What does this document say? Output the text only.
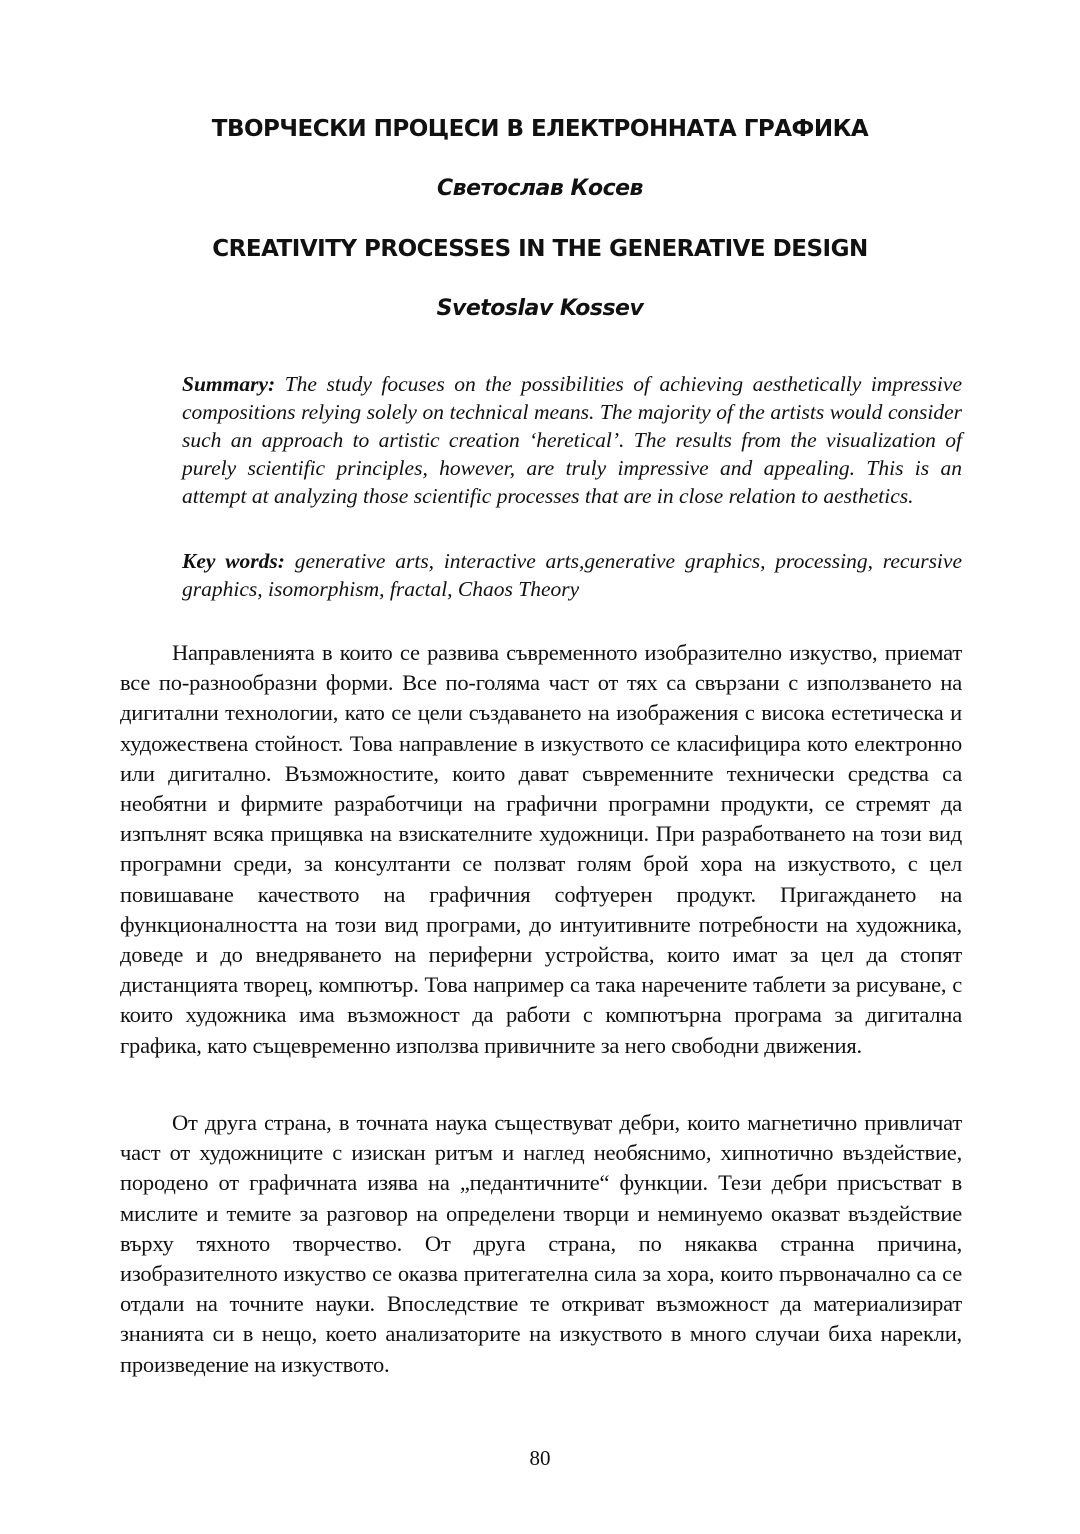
ТВОРЧЕСКИ ПРОЦЕСИ В ЕЛЕКТРОННАТА ГРАФИКА
Светослав Косев
CREATIVITY PROCESSES IN THE GENERATIVE DESIGN
Svetoslav Kossev

Summary: The study focuses on the possibilities of achieving aesthetically impressive compositions relying solely on technical means. The majority of the artists would consider such an approach to artistic creation ‘heretical’. The results from the visualization of purely scientific principles, however, are truly impressive and appealing. This is an attempt at analyzing those scientific processes that are in close relation to aesthetics.

Key words: generative arts, interactive arts,generative graphics, processing, recursive graphics, isomorphism, fractal, Chaos Theory

Направленията в които се развива съвременното изобразително изкуство, приемат все по-разнообразни форми. Все по-голяма част от тях са свързани с използването на дигитални технологии, като се цели създаването на изображения с висока естетическа и художествена стойност. Това направление в изкуството се класифицира кото електронно или дигитално. Възможностите, които дават съвременните технически средства са необятни и фирмите разработчици на графични програмни продукти, се стремят да изпълнят всяка прищявка на взискателните художници. При разработването на този вид програмни среди, за консултанти се ползват голям брой хора на изкуството, с цел повишаване качеството на графичния софтуерен продукт. Пригаждането на функционалността на този вид програми, до интуитивните потребности на художника, доведе и до внедряването на периферни устройства, които имат за цел да стопят дистанцията творец, компютър. Това например са така наречените таблети за рисуване, с които художника има възможност да работи с компютърна програма за дигитална графика, като същевременно използва привичните за него свободни движения.

От друга страна, в точната наука съществуват дебри, които магнетично привличат част от художниците с изискан ритъм и наглед необяснимо, хипнотично въздействие, породено от графичната изява на „педантичните“ функции. Тези дебри присъстват в мислите и темите за разговор на определени творци и неминуемо оказват въздействие върху тяхното творчество. От друга страна, по някаква странна причина, изобразителното изкуство се оказва притегателна сила за хора, които първоначално са се отдали на точните науки. Впоследствие те откриват възможност да материализират знанията си в нещо, което анализаторите на изкуството в много случаи биха нарекли, произведение на изкуството.

80
